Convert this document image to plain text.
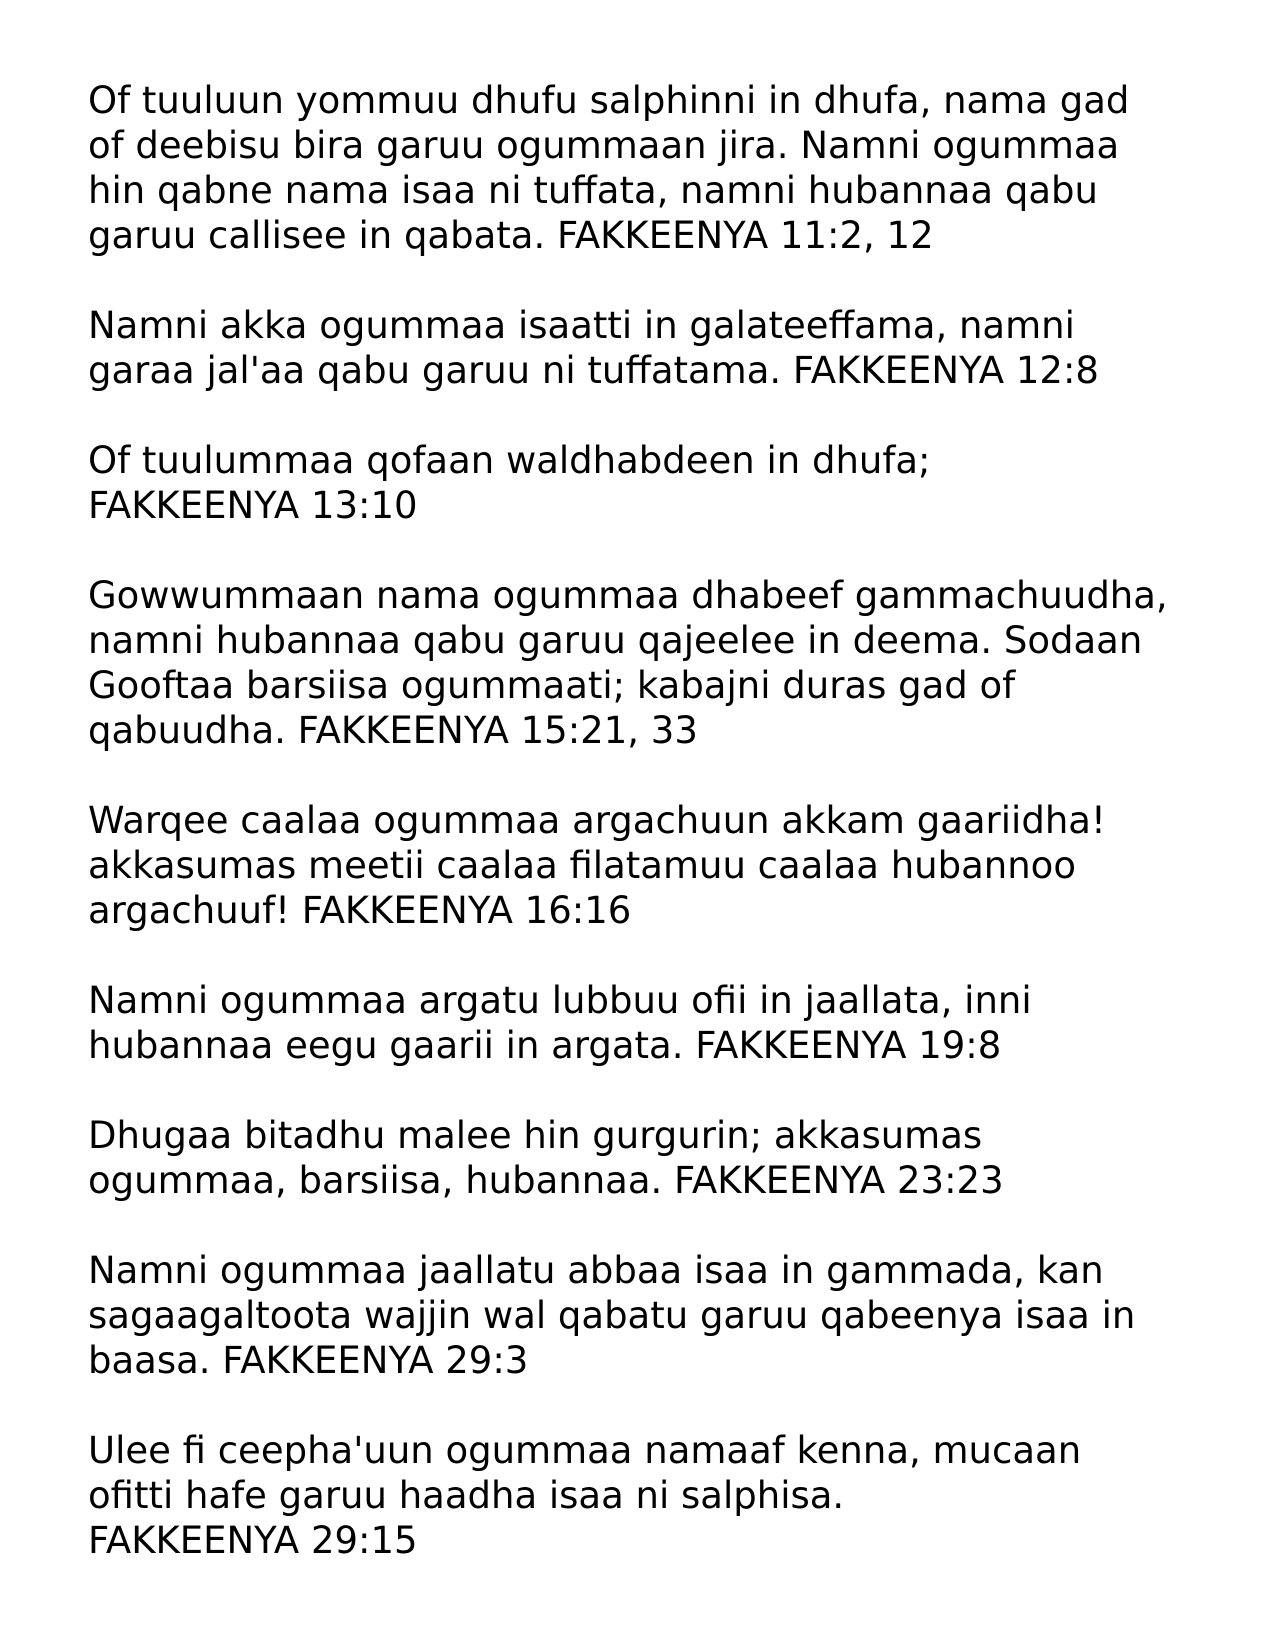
Of tuuluun yommuu dhufu salphinni in dhufa, nama gad
of deebisu bira garuu ogummaan jira. Namni ogummaa
hin qabne nama isaa ni tuffata, namni hubannaa qabu
garuu callisee in qabata. FAKKEENYA 11:2, 12

Namni akka ogummaa isaatti in galateeffama, namni
garaa jal'aa qabu garuu ni tuffatama. FAKKEENYA 12:8

Of tuulummaa qofaan waldhabdeen in dhufa;
FAKKEENYA 13:10

Gowwummaan nama ogummaa dhabeef gammachuudha,
namni hubannaa qabu garuu qajeelee in deema. Sodaan
Gooftaa barsiisa ogummaati; kabajni duras gad of
qabuudha. FAKKEENYA 15:21, 33

Warqee caalaa ogummaa argachuun akkam gaariidha!
akkasumas meetii caalaa filatamuu caalaa hubannoo
argachuuf! FAKKEENYA 16:16

Namni ogummaa argatu lubbuu ofii in jaallata, inni
hubannaa eegu gaarii in argata. FAKKEENYA 19:8

Dhugaa bitadhu malee hin gurgurin; akkasumas
ogummaa, barsiisa, hubannaa. FAKKEENYA 23:23

Namni ogummaa jaallatu abbaa isaa in gammada, kan
sagaagaltoota wajjin wal qabatu garuu qabeenya isaa in
baasa. FAKKEENYA 29:3

Ulee fi ceepha'uun ogummaa namaaf kenna, mucaan
ofitti hafe garuu haadha isaa ni salphisa.
FAKKEENYA 29:15
